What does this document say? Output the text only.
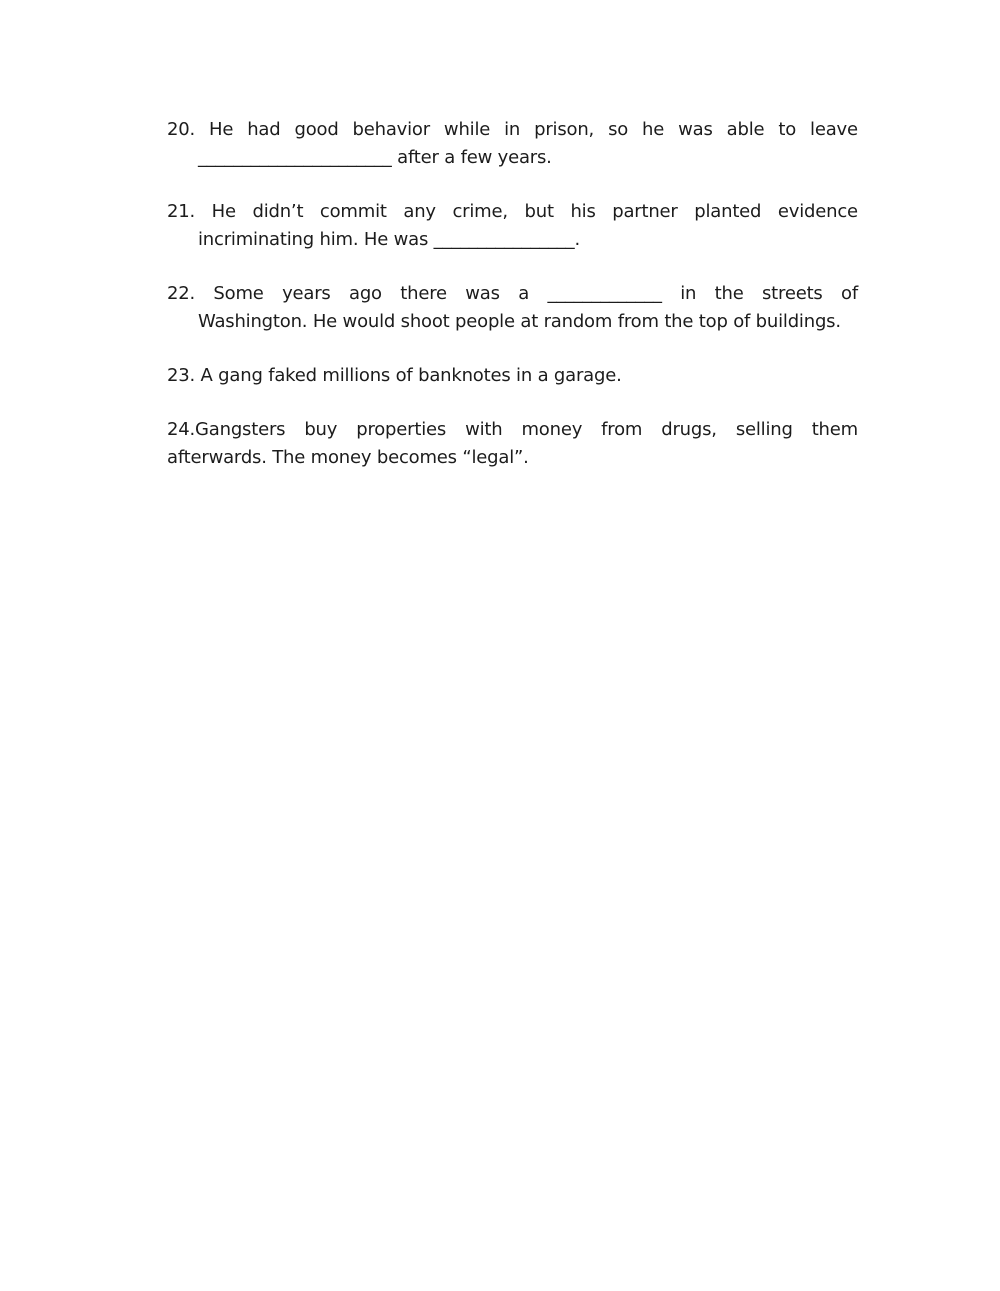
20. He had good behavior while in prison, so he was able to leave
______________________ after a few years.
21. He didn’t commit any crime, but his partner planted evidence
incriminating him. He was ________________.
22. Some years ago there was a _____________ in the streets of
Washington. He would shoot people at random from the top of buildings.
23. A gang faked millions of banknotes in a garage.
24.Gangsters buy properties with money from drugs, selling them
afterwards. The money becomes “legal”.
